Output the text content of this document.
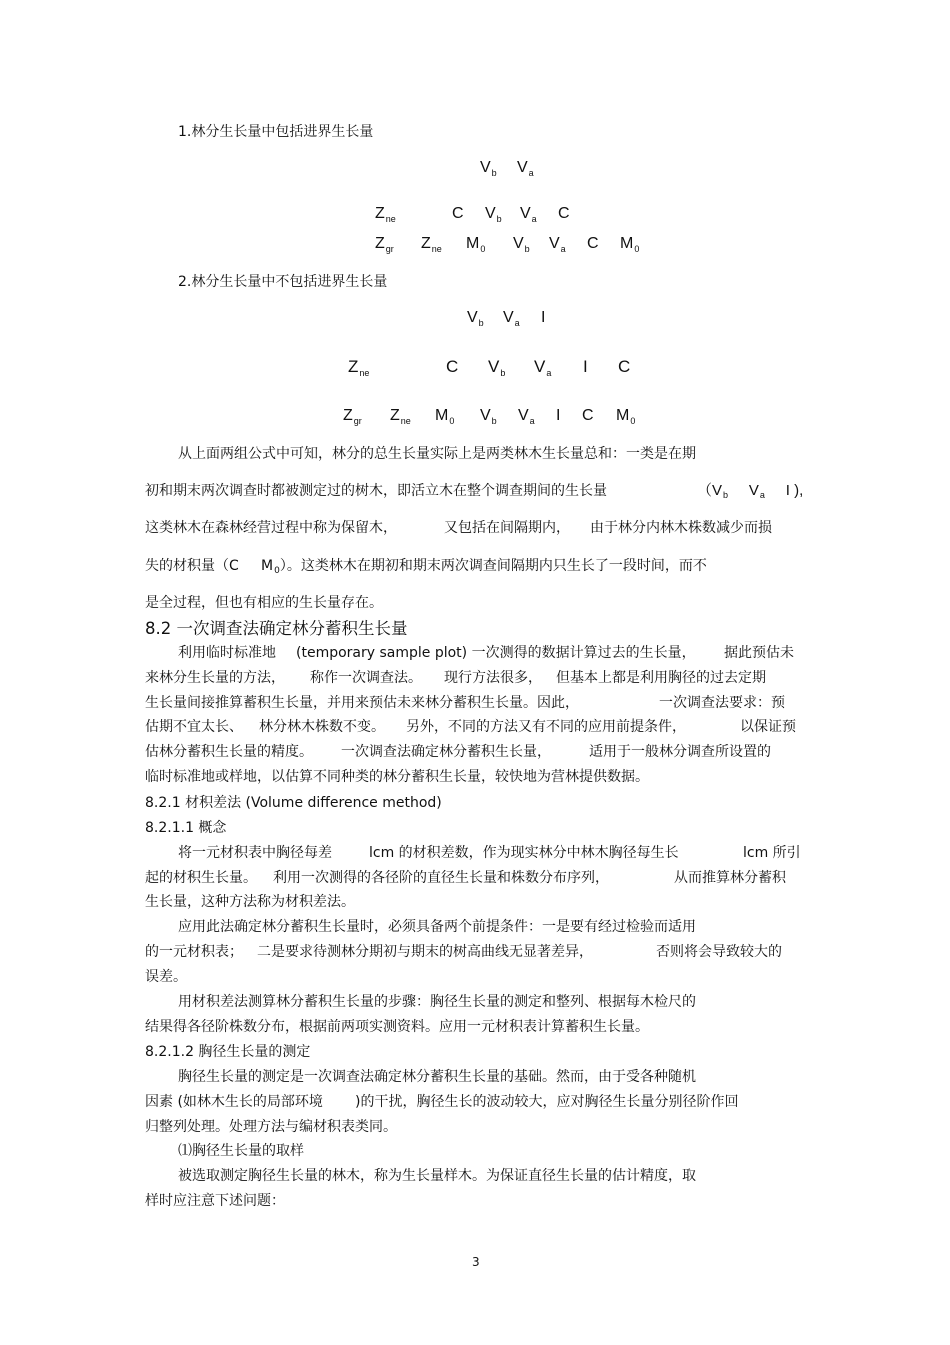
1.林分生长量中包括进界生长量
$V_b$ $V_a$
$Z_{ne}$	C $V_b$ $V_a$ C
$Z_{gr}$ $Z_{ne}$ $M_0$ $V_b$ $V_a$ C $M_0$
2.林分生长量中不包括进界生长量
$V_b$ $V_a$ I
$Z_{ne}$	C $V_b$ $V_a$ I C
$Z_{gr}$ $Z_{ne}$ $M_0$ $V_b$ $V_a$ I C $M_0$
从上面两组公式中可知，林分的总生长量实际上是两类林木生长量总和：一类是在期
初和期末两次调查时都被测定过的树木，即活立木在整个调查期间的生长量	（$V_b$ $V_a$ I ),
这类林木在森林经营过程中称为保留木，	又包括在间隔期内， 由于林分内林木株数减少而损
失的材积量（C $M_0$）。这类林木在期初和期末两次调查间隔期内只生长了一段时间，而不
是全过程，但也有相应的生长量存在。
8.2 一次调查法确定林分蓄积生长量
利用临时标准地 (temporary sample plot) 一次测得的数据计算过去的生长量， 据此预估未
来林分生长量的方法， 称作一次调查法。 现行方法很多， 但基本上都是利用胸径的过去定期
生长量间接推算蓄积生长量，并用来预估未来林分蓄积生长量。因此，	一次调查法要求：预
估期不宜太长、 林分林木株数不变。 另外，不同的方法又有不同的应用前提条件，	以保证预
估林分蓄积生长量的精度。 一次调查法确定林分蓄积生长量，	适用于一般林分调查所设置的
临时标准地或样地，以估算不同种类的林分蓄积生长量，较快地为营林提供数据。
8.2.1 材积差法 (Volume difference method)
8.2.1.1 概念
将一元材积表中胸径每差	lcm 的材积差数，作为现实林分中林木胸径每生长	lcm 所引
起的材积生长量。 利用一次测得的各径阶的直径生长量和株数分布序列，	从而推算林分蓄积
生长量，这种方法称为材积差法。
应用此法确定林分蓄积生长量时，必须具备两个前提条件：一是要有经过检验而适用
的一元材积表； 二是要求待测林分期初与期末的树高曲线无显著差异，	否则将会导致较大的
误差。
用材积差法测算林分蓄积生长量的步骤：胸径生长量的测定和整列、根据每木检尺的
结果得各径阶株数分布，根据前两项实测资料。应用一元材积表计算蓄积生长量。
8.2.1.2 胸径生长量的测定
胸径生长量的测定是一次调查法确定林分蓄积生长量的基础。然而，由于受各种随机
因素 (如林木生长的局部环境 )的干扰，胸径生长的波动较大，应对胸径生长量分别径阶作回
归整列处理。处理方法与编材积表类同。
⑴胸径生长量的取样
被选取测定胸径生长量的林木，称为生长量样木。为保证直径生长量的估计精度，取
样时应注意下述问题：
3
